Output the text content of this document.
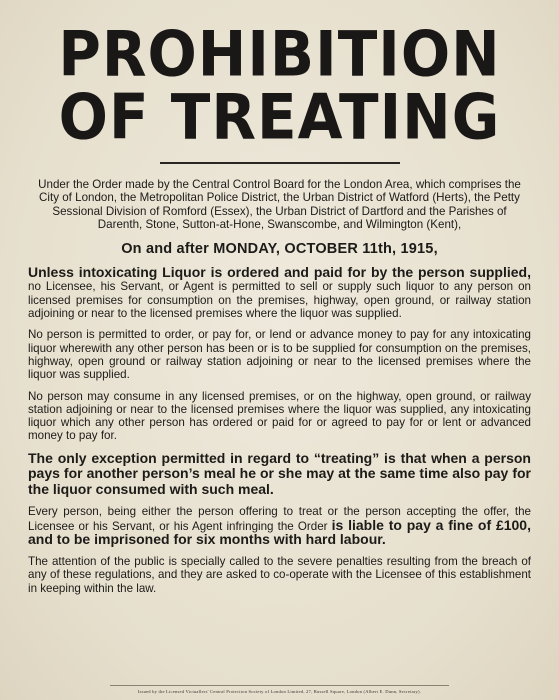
PROHIBITION
OF TREATING

Under the Order made by the Central Control Board for the London Area, which comprises the City of London, the Metropolitan Police District, the Urban District of Watford (Herts), the Petty Sessional Division of Romford (Essex), the Urban District of Dartford and the Parishes of Darenth, Stone, Sutton-at-Hone, Swanscombe, and Wilmington (Kent),

On and after MONDAY, OCTOBER 11th, 1915,

Unless intoxicating Liquor is ordered and paid for by the person supplied, no Licensee, his Servant, or Agent is permitted to sell or supply such liquor to any person on licensed premises for consumption on the premises, highway, open ground, or railway station adjoining or near to the licensed premises where the liquor was supplied.

No person is permitted to order, or pay for, or lend or advance money to pay for any intoxicating liquor wherewith any other person has been or is to be supplied for consumption on the premises, highway, open ground or railway station adjoining or near to the licensed premises where the liquor was supplied.

No person may consume in any licensed premises, or on the highway, open ground, or railway station adjoining or near to the licensed premises where the liquor was supplied, any intoxicating liquor which any other person has ordered or paid for or agreed to pay for or lent or advanced money to pay for.

The only exception permitted in regard to “treating” is that when a person pays for another person’s meal he or she may at the same time also pay for the liquor consumed with such meal.

Every person, being either the person offering to treat or the person accepting the offer, the Licensee or his Servant, or his Agent infringing the Order is liable to pay a fine of £100, and to be imprisoned for six months with hard labour.

The attention of the public is specially called to the severe penalties resulting from the breach of any of these regulations, and they are asked to co-operate with the Licensee of this establishment in keeping within the law.

Issued by the Licensed Victuallers' Central Protection Society of London Limited, 27, Russell Square, London (Albert E. Dunn, Secretary).
